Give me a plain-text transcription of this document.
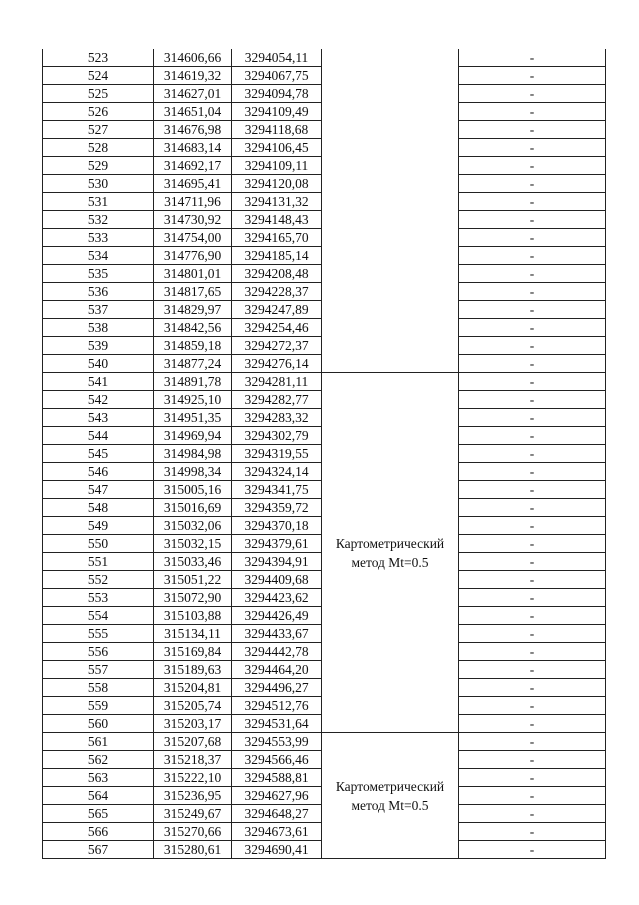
523	314606,66	3294054,11		-
524	314619,32	3294067,75		-
525	314627,01	3294094,78		-
526	314651,04	3294109,49		-
527	314676,98	3294118,68		-
528	314683,14	3294106,45		-
529	314692,17	3294109,11		-
530	314695,41	3294120,08		-
531	314711,96	3294131,32		-
532	314730,92	3294148,43		-
533	314754,00	3294165,70		-
534	314776,90	3294185,14		-
535	314801,01	3294208,48		-
536	314817,65	3294228,37		-
537	314829,97	3294247,89		-
538	314842,56	3294254,46		-
539	314859,18	3294272,37		-
540	314877,24	3294276,14		-
541	314891,78	3294281,11	Картометрический
метод Mt=0.5	-
542	314925,10	3294282,77		-
543	314951,35	3294283,32		-
544	314969,94	3294302,79		-
545	314984,98	3294319,55		-
546	314998,34	3294324,14		-
547	315005,16	3294341,75		-
548	315016,69	3294359,72		-
549	315032,06	3294370,18		-
550	315032,15	3294379,61		-
551	315033,46	3294394,91		-
552	315051,22	3294409,68		-
553	315072,90	3294423,62		-
554	315103,88	3294426,49		-
555	315134,11	3294433,67		-
556	315169,84	3294442,78		-
557	315189,63	3294464,20		-
558	315204,81	3294496,27		-
559	315205,74	3294512,76		-
560	315203,17	3294531,64		-
561	315207,68	3294553,99	Картометрический
метод Mt=0.5	-
562	315218,37	3294566,46		-
563	315222,10	3294588,81		-
564	315236,95	3294627,96		-
565	315249,67	3294648,27		-
566	315270,66	3294673,61		-
567	315280,61	3294690,41		-
